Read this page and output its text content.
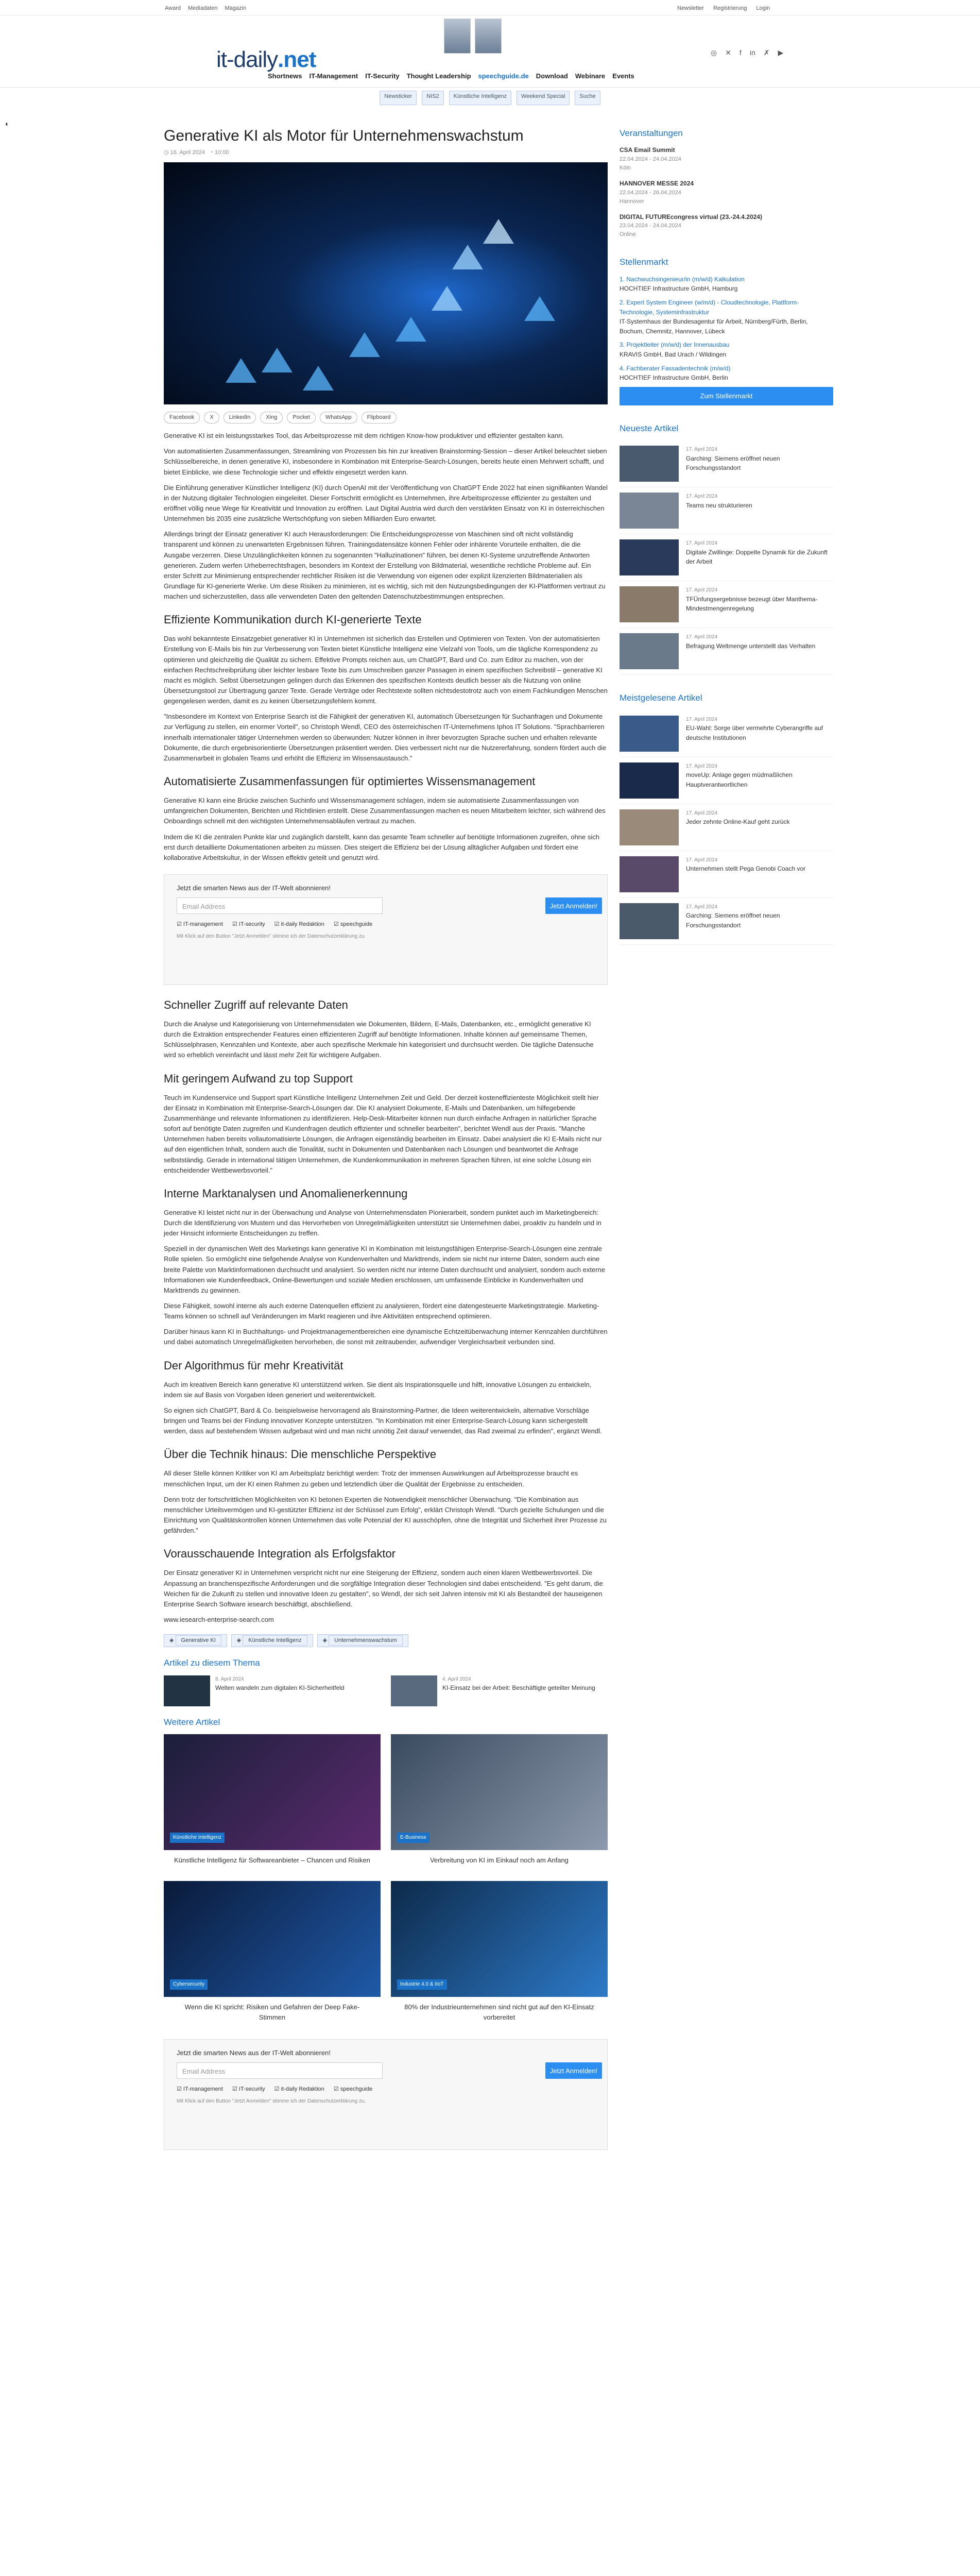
Award Mediadaten Magazin	Newsletter Registrierung Login
it-daily.net	◎ ✕ f in ✗ ▶
Shortnews IT-Management IT-Security Thought Leadership speechguide.de Download Webinare Events
Newsticker	NIS2	Künstliche Intelligenz	Weekend Special	Suche
◐
Generative KI als Motor für Unternehmenswachstum
◷ 16. April 2024   ◔ 10:00
Facebook	X	LinkedIn	Xing	Pocket	WhatsApp	Flipboard

Generative KI ist ein leistungsstarkes Tool, das Arbeitsprozesse mit dem richtigen Know-how produktiver und effizienter gestalten kann.

Von automatisierten Zusammenfassungen, Streamlining von Prozessen bis hin zur kreativen Brainstorming-Session – dieser Artikel beleuchtet sieben Schlüsselbereiche, in denen generative KI, insbesondere in Kombination mit Enterprise-Search-Lösungen, bereits heute einen Mehrwert schafft, und bietet Einblicke, wie diese Technologie sicher und effektiv eingesetzt werden kann.

Die Einführung generativer Künstlicher Intelligenz (KI) durch OpenAI mit der Veröffentlichung von ChatGPT Ende 2022 hat einen signifikanten Wandel in der Nutzung digitaler Technologien eingeleitet. Dieser Fortschritt ermöglicht es Unternehmen, ihre Arbeitsprozesse effizienter zu gestalten und eröffnet völlig neue Wege für Kreativität und Innovation zu eröffnen. Laut Digital Austria wird durch den verstärkten Einsatz von KI in österreichischen Unternehmen bis 2035 eine zusätzliche Wertschöpfung von sieben Milliarden Euro erwartet.

Allerdings bringt der Einsatz generativer KI auch Herausforderungen: Die Entscheidungsprozesse von Maschinen sind oft nicht vollständig transparent und können zu unerwarteten Ergebnissen führen. Trainingsdatensätze können Fehler oder inhärente Vorurteile enthalten, die die Ausgabe verzerren. Diese Unzulänglichkeiten können zu sogenannten "Halluzinationen" führen, bei denen KI-Systeme unzutreffende Antworten generieren. Zudem werfen Urheberrechtsfragen, besonders im Kontext der Erstellung von Bildmaterial, wesentliche rechtliche Probleme auf. Ein erster Schritt zur Minimierung entsprechender rechtlicher Risiken ist die Verwendung von eigenen oder explizit lizenzierten Bildmaterialien als Grundlage für KI-generierte Werke. Um diese Risiken zu minimieren, ist es wichtig, sich mit den Nutzungsbedingungen der KI-Plattformen vertraut zu machen und sicherzustellen, dass alle verwendeten Daten den geltenden Datenschutzbestimmungen entsprechen.

Effiziente Kommunikation durch KI-generierte Texte

Das wohl bekannteste Einsatzgebiet generativer KI in Unternehmen ist sicherlich das Erstellen und Optimieren von Texten. Von der automatisierten Erstellung von E-Mails bis hin zur Verbesserung von Texten bietet Künstliche Intelligenz eine Vielzahl von Tools, um die tägliche Korrespondenz zu optimieren und gleichzeitig die Qualität zu sichern. Effektive Prompts reichen aus, um ChatGPT, Bard und Co. zum Editor zu machen, von der einfachen Rechtschreibprüfung über leichter lesbare Texte bis zum Umschreiben ganzer Passagen in einem spezifischen Schreibstil – generative KI macht es möglich. Selbst Übersetzungen gelingen durch das Erkennen des spezifischen Kontexts deutlich besser als die Nutzung von online Übersetzungstool zur Übertragung ganzer Texte. Gerade Verträge oder Rechtstexte sollten nichtsdestotrotz auch von einem Fachkundigen Menschen gegengelesen werden, damit es zu keinen Übersetzungsfehlern kommt.

"Insbesondere im Kontext von Enterprise Search ist die Fähigkeit der generativen KI, automatisch Übersetzungen für Suchanfragen und Dokumente zur Verfügung zu stellen, ein enormer Vorteil", so Christoph Wendl, CEO des österreichischen IT-Unternehmens Iphos IT Solutions. "Sprachbarrieren innerhalb internationaler tätiger Unternehmen werden so überwunden: Nutzer können in ihrer bevorzugten Sprache suchen und erhalten relevante Dokumente, die durch ergebnisorientierte Übersetzungen präsentiert werden. Dies verbessert nicht nur die Nutzererfahrung, sondern fördert auch die Zusammenarbeit in globalen Teams und erhöht die Effizienz im Wissensaustausch."

Automatisierte Zusammenfassungen für optimiertes Wissensmanagement

Generative KI kann eine Brücke zwischen Suchinfo und Wissensmanagement schlagen, indem sie automatisierte Zusammenfassungen von umfangreichen Dokumenten, Berichten und Richtlinien erstellt. Diese Zusammenfassungen machen es neuen Mitarbeitern leichter, sich während des Onboardings schnell mit den wichtigsten Unternehmensabläufen vertraut zu machen.

Indem die KI die zentralen Punkte klar und zugänglich darstellt, kann das gesamte Team schneller auf benötigte Informationen zugreifen, ohne sich erst durch detaillierte Dokumentationen arbeiten zu müssen. Dies steigert die Effizienz bei der Lösung alltäglicher Aufgaben und fördert eine kollaborative Arbeitskultur, in der Wissen effektiv geteilt und genutzt wird.

Jetzt die smarten News aus der IT-Welt abonnieren!
Email Address	Jetzt Anmelden!
☑ IT-management ☑ IT-security ☑ it-daily Redaktion ☑ speechguide
Mit Klick auf den Button "Jetzt Anmelden" stimme ich der Datenschutzerklärung zu.
Schneller Zugriff auf relevante Daten

Durch die Analyse und Kategorisierung von Unternehmensdaten wie Dokumenten, Bildern, E-Mails, Datenbanken, etc., ermöglicht generative KI durch die Extraktion entsprechender Features einen effizienteren Zugriff auf benötigte Informationen. Inhalte können auf gemeinsame Themen, Schlüsselphrasen, Kennzahlen und Kontexte, aber auch spezifische Merkmale hin kategorisiert und durchsucht werden. Die tägliche Datensuche wird so erheblich vereinfacht und lässt mehr Zeit für wichtigere Aufgaben.

Mit geringem Aufwand zu top Support

Teuch im Kundenservice und Support spart Künstliche Intelligenz Unternehmen Zeit und Geld. Der derzeit kosteneffizienteste Möglichkeit stellt hier der Einsatz in Kombination mit Enterprise-Search-Lösungen dar. Die KI analysiert Dokumente, E-Mails und Datenbanken, um hilfegebende Zusammenhänge und relevante Informationen zu identifizieren. Help-Desk-Mitarbeiter können nun durch einfache Anfragen in natürlicher Sprache sofort auf benötigte Daten zugreifen und Kundenfragen deutlich effizienter und schneller bearbeiten", berichtet Wendl aus der Praxis. "Manche Unternehmen haben bereits vollautomatisierte Lösungen, die Anfragen eigenständig bearbeiten im Einsatz. Dabei analysiert die KI E-Mails nicht nur auf den eigentlichen Inhalt, sondern auch die Tonalität, sucht in Dokumenten und Datenbanken nach Lösungen und beantwortet die Anfrage selbstständig. Gerade in international tätigen Unternehmen, die Kundenkommunikation in mehreren Sprachen führen, ist eine solche Lösung ein entscheidender Wettbewerbsvorteil."

Interne Marktanalysen und Anomalienerkennung

Generative KI leistet nicht nur in der Überwachung und Analyse von Unternehmensdaten Pionierarbeit, sondern punktet auch im Marketingbereich: Durch die Identifizierung von Mustern und das Hervorheben von Unregelmäßigkeiten unterstützt sie Unternehmen dabei, proaktiv zu handeln und in jeder Hinsicht informierte Entscheidungen zu treffen.

Speziell in der dynamischen Welt des Marketings kann generative KI in Kombination mit leistungsfähigen Enterprise-Search-Lösungen eine zentrale Rolle spielen. So ermöglicht eine tiefgehende Analyse von Kundenverhalten und Markttrends, indem sie nicht nur interne Daten, sondern auch eine breite Palette von Marktinformationen durchsucht und analysiert. So werden nicht nur interne Daten durchsucht und analysiert, sondern auch externe Informationen wie Kundenfeedback, Online-Bewertungen und soziale Medien erschlossen, um umfassende Einblicke in Kundenverhalten und Markttrends zu gewinnen.

Diese Fähigkeit, sowohl interne als auch externe Datenquellen effizient zu analysieren, fördert eine datengesteuerte Marketingstrategie. Marketing-Teams können so schnell auf Veränderungen im Markt reagieren und ihre Aktivitäten entsprechend optimieren.

Darüber hinaus kann KI in Buchhaltungs- und Projektmanagementbereichen eine dynamische Echtzeitüberwachung interner Kennzahlen durchführen und dabei automatisch Unregelmäßigkeiten hervorheben, die sonst mit zeitraubender, aufwendiger Vergleichsarbeit verbunden sind.

Der Algorithmus für mehr Kreativität

Auch im kreativen Bereich kann generative KI unterstützend wirken. Sie dient als Inspirationsquelle und hilft, innovative Lösungen zu entwickeln, indem sie auf Basis von Vorgaben Ideen generiert und weiterentwickelt.

So eignen sich ChatGPT, Bard & Co. beispielsweise hervorragend als Brainstorming-Partner, die Ideen weiterentwickeln, alternative Vorschläge bringen und Teams bei der Findung innovativer Konzepte unterstützen. "In Kombination mit einer Enterprise-Search-Lösung kann sichergestellt werden, dass auf bestehendem Wissen aufgebaut wird und man nicht unnötig Zeit darauf verwendet, das Rad zweimal zu erfinden", ergänzt Wendl.

Über die Technik hinaus: Die menschliche Perspektive

All dieser Stelle können Kritiker von KI am Arbeitsplatz berichtigt werden: Trotz der immensen Auswirkungen auf Arbeitsprozesse braucht es menschlichen Input, um der KI einen Rahmen zu geben und letztendlich über die Qualität der Ergebnisse zu entscheiden.

Denn trotz der fortschrittlichen Möglichkeiten von KI betonen Experten die Notwendigkeit menschlicher Überwachung. "Die Kombination aus menschlicher Urteilsvermögen und KI-gestützter Effizienz ist der Schlüssel zum Erfolg", erklärt Christoph Wendl. "Durch gezielte Schulungen und die Einrichtung von Qualitätskontrollen können Unternehmen das volle Potenzial der KI ausschöpfen, ohne die Integrität und Sicherheit ihrer Prozesse zu gefährden."

Vorausschauende Integration als Erfolgsfaktor

Der Einsatz generativer KI in Unternehmen verspricht nicht nur eine Steigerung der Effizienz, sondern auch einen klaren Wettbewerbsvorteil. Die Anpassung an branchenspezifische Anforderungen und die sorgfältige Integration dieser Technologien sind dabei entscheidend. "Es geht darum, die Weichen für die Zukunft zu stellen und innovative Ideen zu gestalten", so Wendl, der sich seit Jahren intensiv mit KI als Bestandteil der hauseigenen Enterprise Search Software iesearch beschäftigt, abschließend.

www.iesearch-enterprise-search.com

◈ Generative KI	◈ Künstliche Intelligenz	◈ Unternehmenswachstum
Artikel zu diesem Thema
8. April 2024
Welten wandeln zum digitalen KI-Sicherheitfeld
4. April 2024
KI-Einsatz bei der Arbeit: Beschäftigte geteilter Meinung
Weitere Artikel
Künstliche Intelligenz
Künstliche Intelligenz für Softwareanbieter – Chancen und Risiken
E-Business
Verbreitung von KI im Einkauf noch am Anfang
Cybersecurity
Wenn die KI spricht: Risiken und Gefahren der Deep Fake-Stimmen
Industrie 4.0 & IIoT
80% der Industrieunternehmen sind nicht gut auf den KI-Einsatz vorbereitet
Jetzt die smarten News aus der IT-Welt abonnieren!
Email Address	Jetzt Anmelden!
☑ IT-management ☑ IT-security ☑ it-daily Redaktion ☑ speechguide
Mit Klick auf den Button "Jetzt Anmelden" stimme ich der Datenschutzerklärung zu.
Veranstaltungen
CSA Email Summit
22.04.2024 - 24.04.2024
Köln
HANNOVER MESSE 2024
22.04.2024 - 26.04.2024
Hannover
DIGITAL FUTUREcongress virtual (23.-24.4.2024)
23.04.2024 - 24.04.2024
Online
Stellenmarkt
1. Nachwuchsingenieur/in (m/w/d) Kalkulation
HOCHTIEF Infrastructure GmbH, Hamburg
2. Expert System Engineer (w/m/d) - Cloudtechnologie, Plattform-Technologie, Systeminfrastruktur
IT-Systemhaus der Bundesagentur für Arbeit, Nürnberg/Fürth, Berlin, Bochum, Chemnitz, Hannover, Lübeck
3. Projektleiter (m/w/d) der Innenausbau
KRAVIS GmbH, Bad Urach / Wildingen
4. Fachberater Fassadentechnik (m/w/d)
HOCHTIEF Infrastructure GmbH, Berlin
Zum Stellenmarkt
Neueste Artikel
17. April 2024
Garching: Siemens eröffnet neuen Forschungsstandort
17. April 2024
Teams neu strukturieren
17. April 2024
Digitale Zwillinge: Doppelte Dynamik für die Zukunft der Arbeit
17. April 2024
TFÜnfungsergebnisse bezeugt über Manthema-Mindestmengenregelung
17. April 2024
Befragung Weltmenge unterstellt das Verhalten
Meistgelesene Artikel
17. April 2024
EU-Wahl: Sorge über vermehrte Cyberangriffe auf deutsche Institutionen
17. April 2024
moveUp: Anlage gegen müdmaßlichen Hauptverantwortlichen
17. April 2024
Jeder zehnte Online-Kauf geht zurück
17. April 2024
Unternehmen stellt Pega Genobi Coach vor
17. April 2024
Garching: Siemens eröffnet neuen Forschungsstandort
